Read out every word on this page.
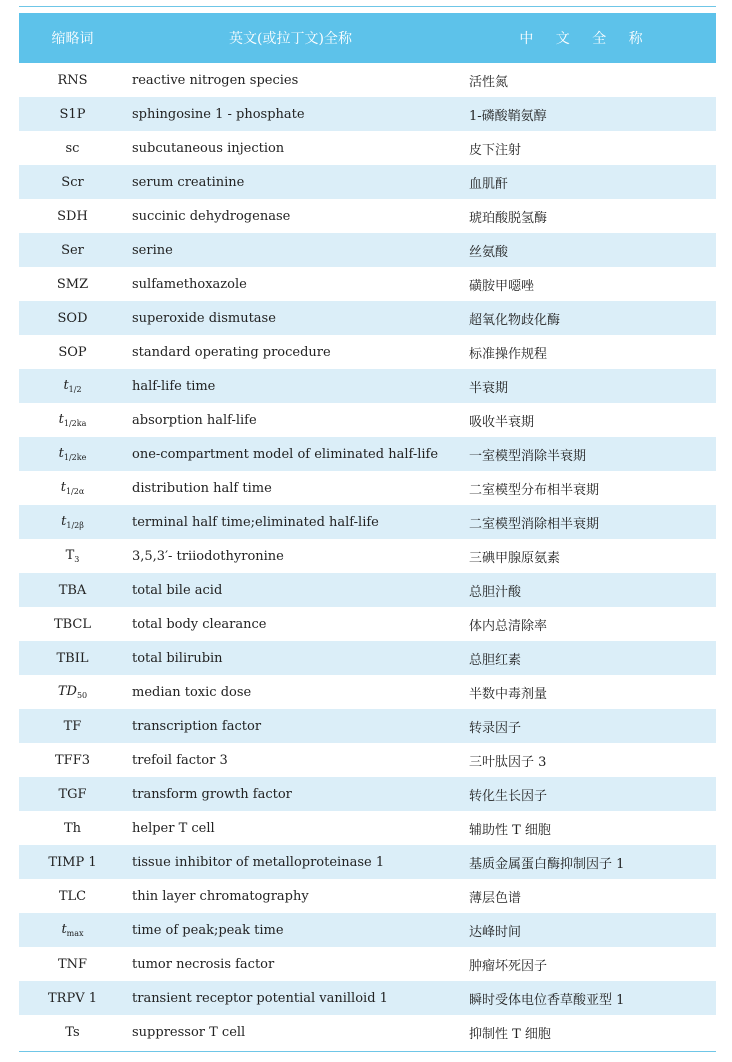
缩略词	英文(或拉丁文)全称	中 文 全 称
RNS	reactive nitrogen species	活性氮
S1P	sphingosine 1 - phosphate	1-磷酸鞘氨醇
sc	subcutaneous injection	皮下注射
Scr	serum creatinine	血肌酐
SDH	succinic dehydrogenase	琥珀酸脱氢酶
Ser	serine	丝氨酸
SMZ	sulfamethoxazole	磺胺甲噁唑
SOD	superoxide dismutase	超氧化物歧化酶
SOP	standard operating procedure	标准操作规程
$t_{1/2}$	half-life time	半衰期
$t_{1/2ka}$	absorption half-life	吸收半衰期
$t_{1/2ke}$	one-compartment model of eliminated half-life	一室模型消除半衰期
$t_{1/2\alpha}$	distribution half time	二室模型分布相半衰期
$t_{1/2\beta}$	terminal half time;eliminated half-life	二室模型消除相半衰期
$T_3$	3,5,3′- triiodothyronine	三碘甲腺原氨素
TBA	total bile acid	总胆汁酸
TBCL	total body clearance	体内总清除率
TBIL	total bilirubin	总胆红素
$TD_{50}$	median toxic dose	半数中毒剂量
TF	transcription factor	转录因子
TFF3	trefoil factor 3	三叶肽因子 3
TGF	transform growth factor	转化生长因子
Th	helper T cell	辅助性 T 细胞
TIMP 1	tissue inhibitor of metalloproteinase 1	基质金属蛋白酶抑制因子 1
TLC	thin layer chromatography	薄层色谱
$t_{max}$	time of peak;peak time	达峰时间
TNF	tumor necrosis factor	肿瘤坏死因子
TRPV 1	transient receptor potential vanilloid 1	瞬时受体电位香草酸亚型 1
Ts	suppressor T cell	抑制性 T 细胞
